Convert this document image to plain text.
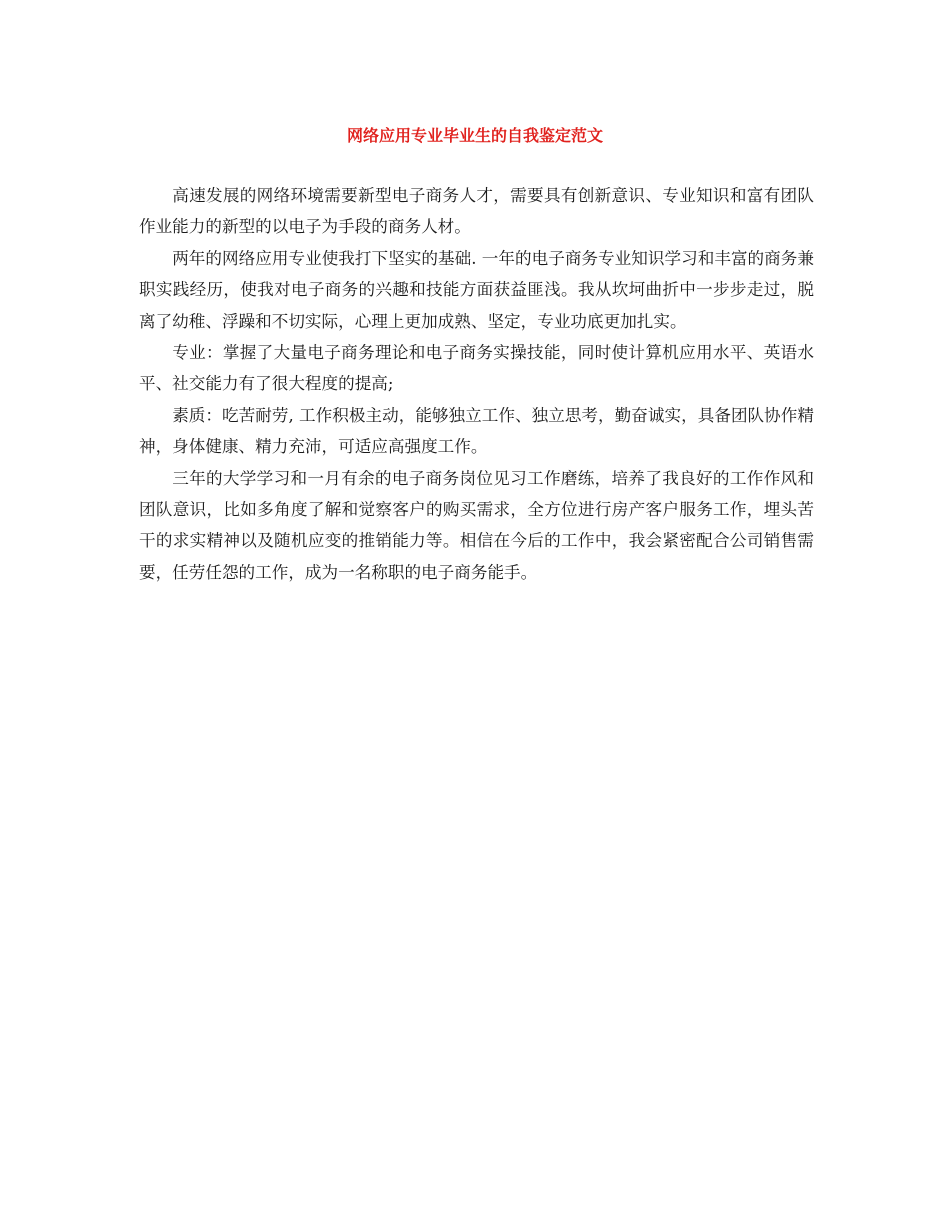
网络应用专业毕业生的自我鉴定范文

高速发展的网络环境需要新型电子商务人才，需要具有创新意识、专业知识和富有团队作业能力的新型的以电子为手段的商务人材。

两年的网络应用专业使我打下坚实的基础. 一年的电子商务专业知识学习和丰富的商务兼职实践经历，使我对电子商务的兴趣和技能方面获益匪浅。我从坎坷曲折中一步步走过，脱离了幼稚、浮躁和不切实际，心理上更加成熟、坚定，专业功底更加扎实。

专业：掌握了大量电子商务理论和电子商务实操技能，同时使计算机应用水平、英语水平、社交能力有了很大程度的提高;

素质：吃苦耐劳, 工作积极主动，能够独立工作、独立思考，勤奋诚实，具备团队协作精神，身体健康、精力充沛，可适应高强度工作。

三年的大学学习和一月有余的电子商务岗位见习工作磨练，培养了我良好的工作作风和团队意识，比如多角度了解和觉察客户的购买需求，全方位进行房产客户服务工作，埋头苦干的求实精神以及随机应变的推销能力等。相信在今后的工作中，我会紧密配合公司销售需要，任劳任怨的工作，成为一名称职的电子商务能手。
